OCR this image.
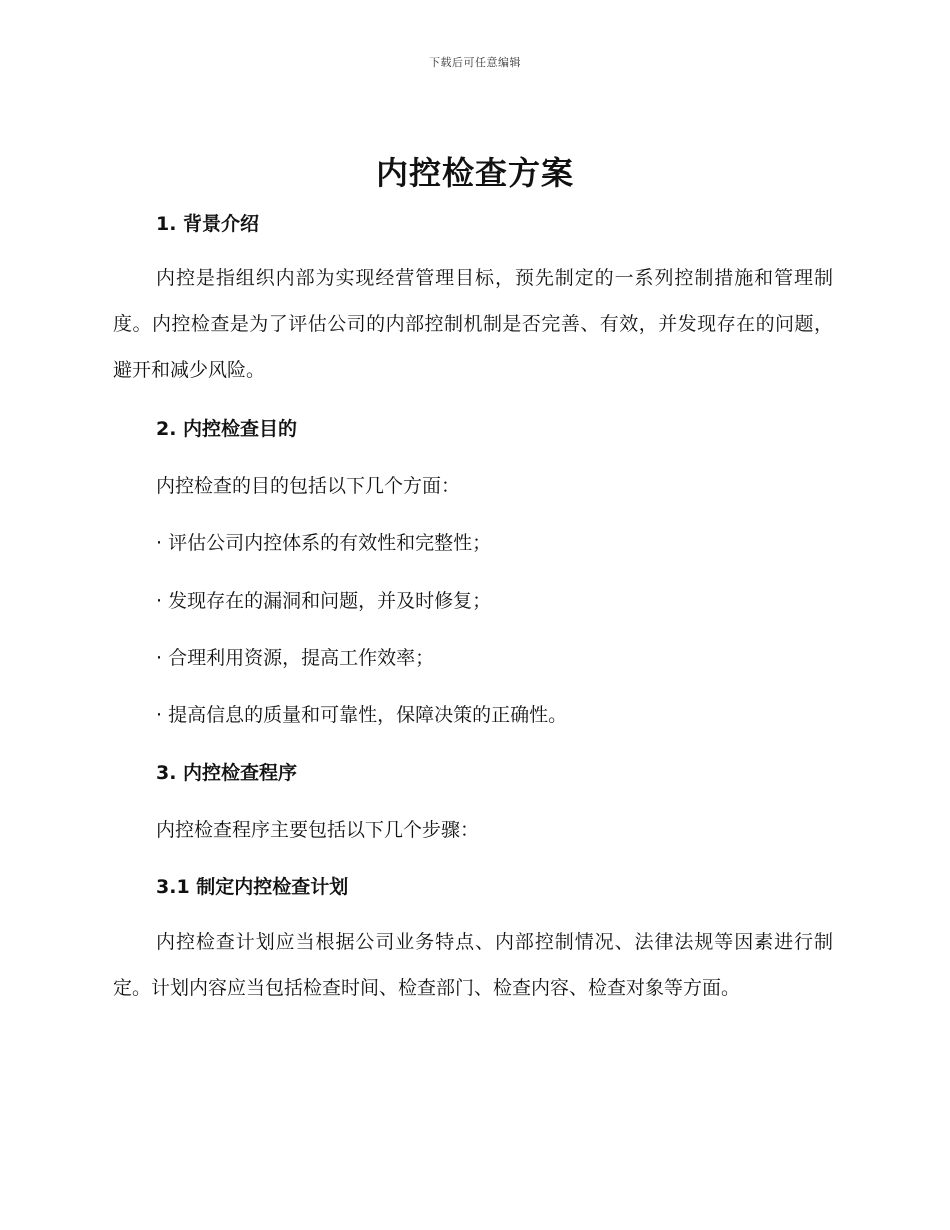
下载后可任意编辑
内控检查方案
1. 背景介绍
内控是指组织内部为实现经营管理目标，预先制定的一系列控制措施和管理制度。内控检查是为了评估公司的内部控制机制是否完善、有效，并发现存在的问题，避开和减少风险。
2. 内控检查目的
内控检查的目的包括以下几个方面：
· 评估公司内控体系的有效性和完整性；
· 发现存在的漏洞和问题，并及时修复；
· 合理利用资源，提高工作效率；
· 提高信息的质量和可靠性，保障决策的正确性。
3. 内控检查程序
内控检查程序主要包括以下几个步骤：
3.1 制定内控检查计划
内控检查计划应当根据公司业务特点、内部控制情况、法律法规等因素进行制定。计划内容应当包括检查时间、检查部门、检查内容、检查对象等方面。
